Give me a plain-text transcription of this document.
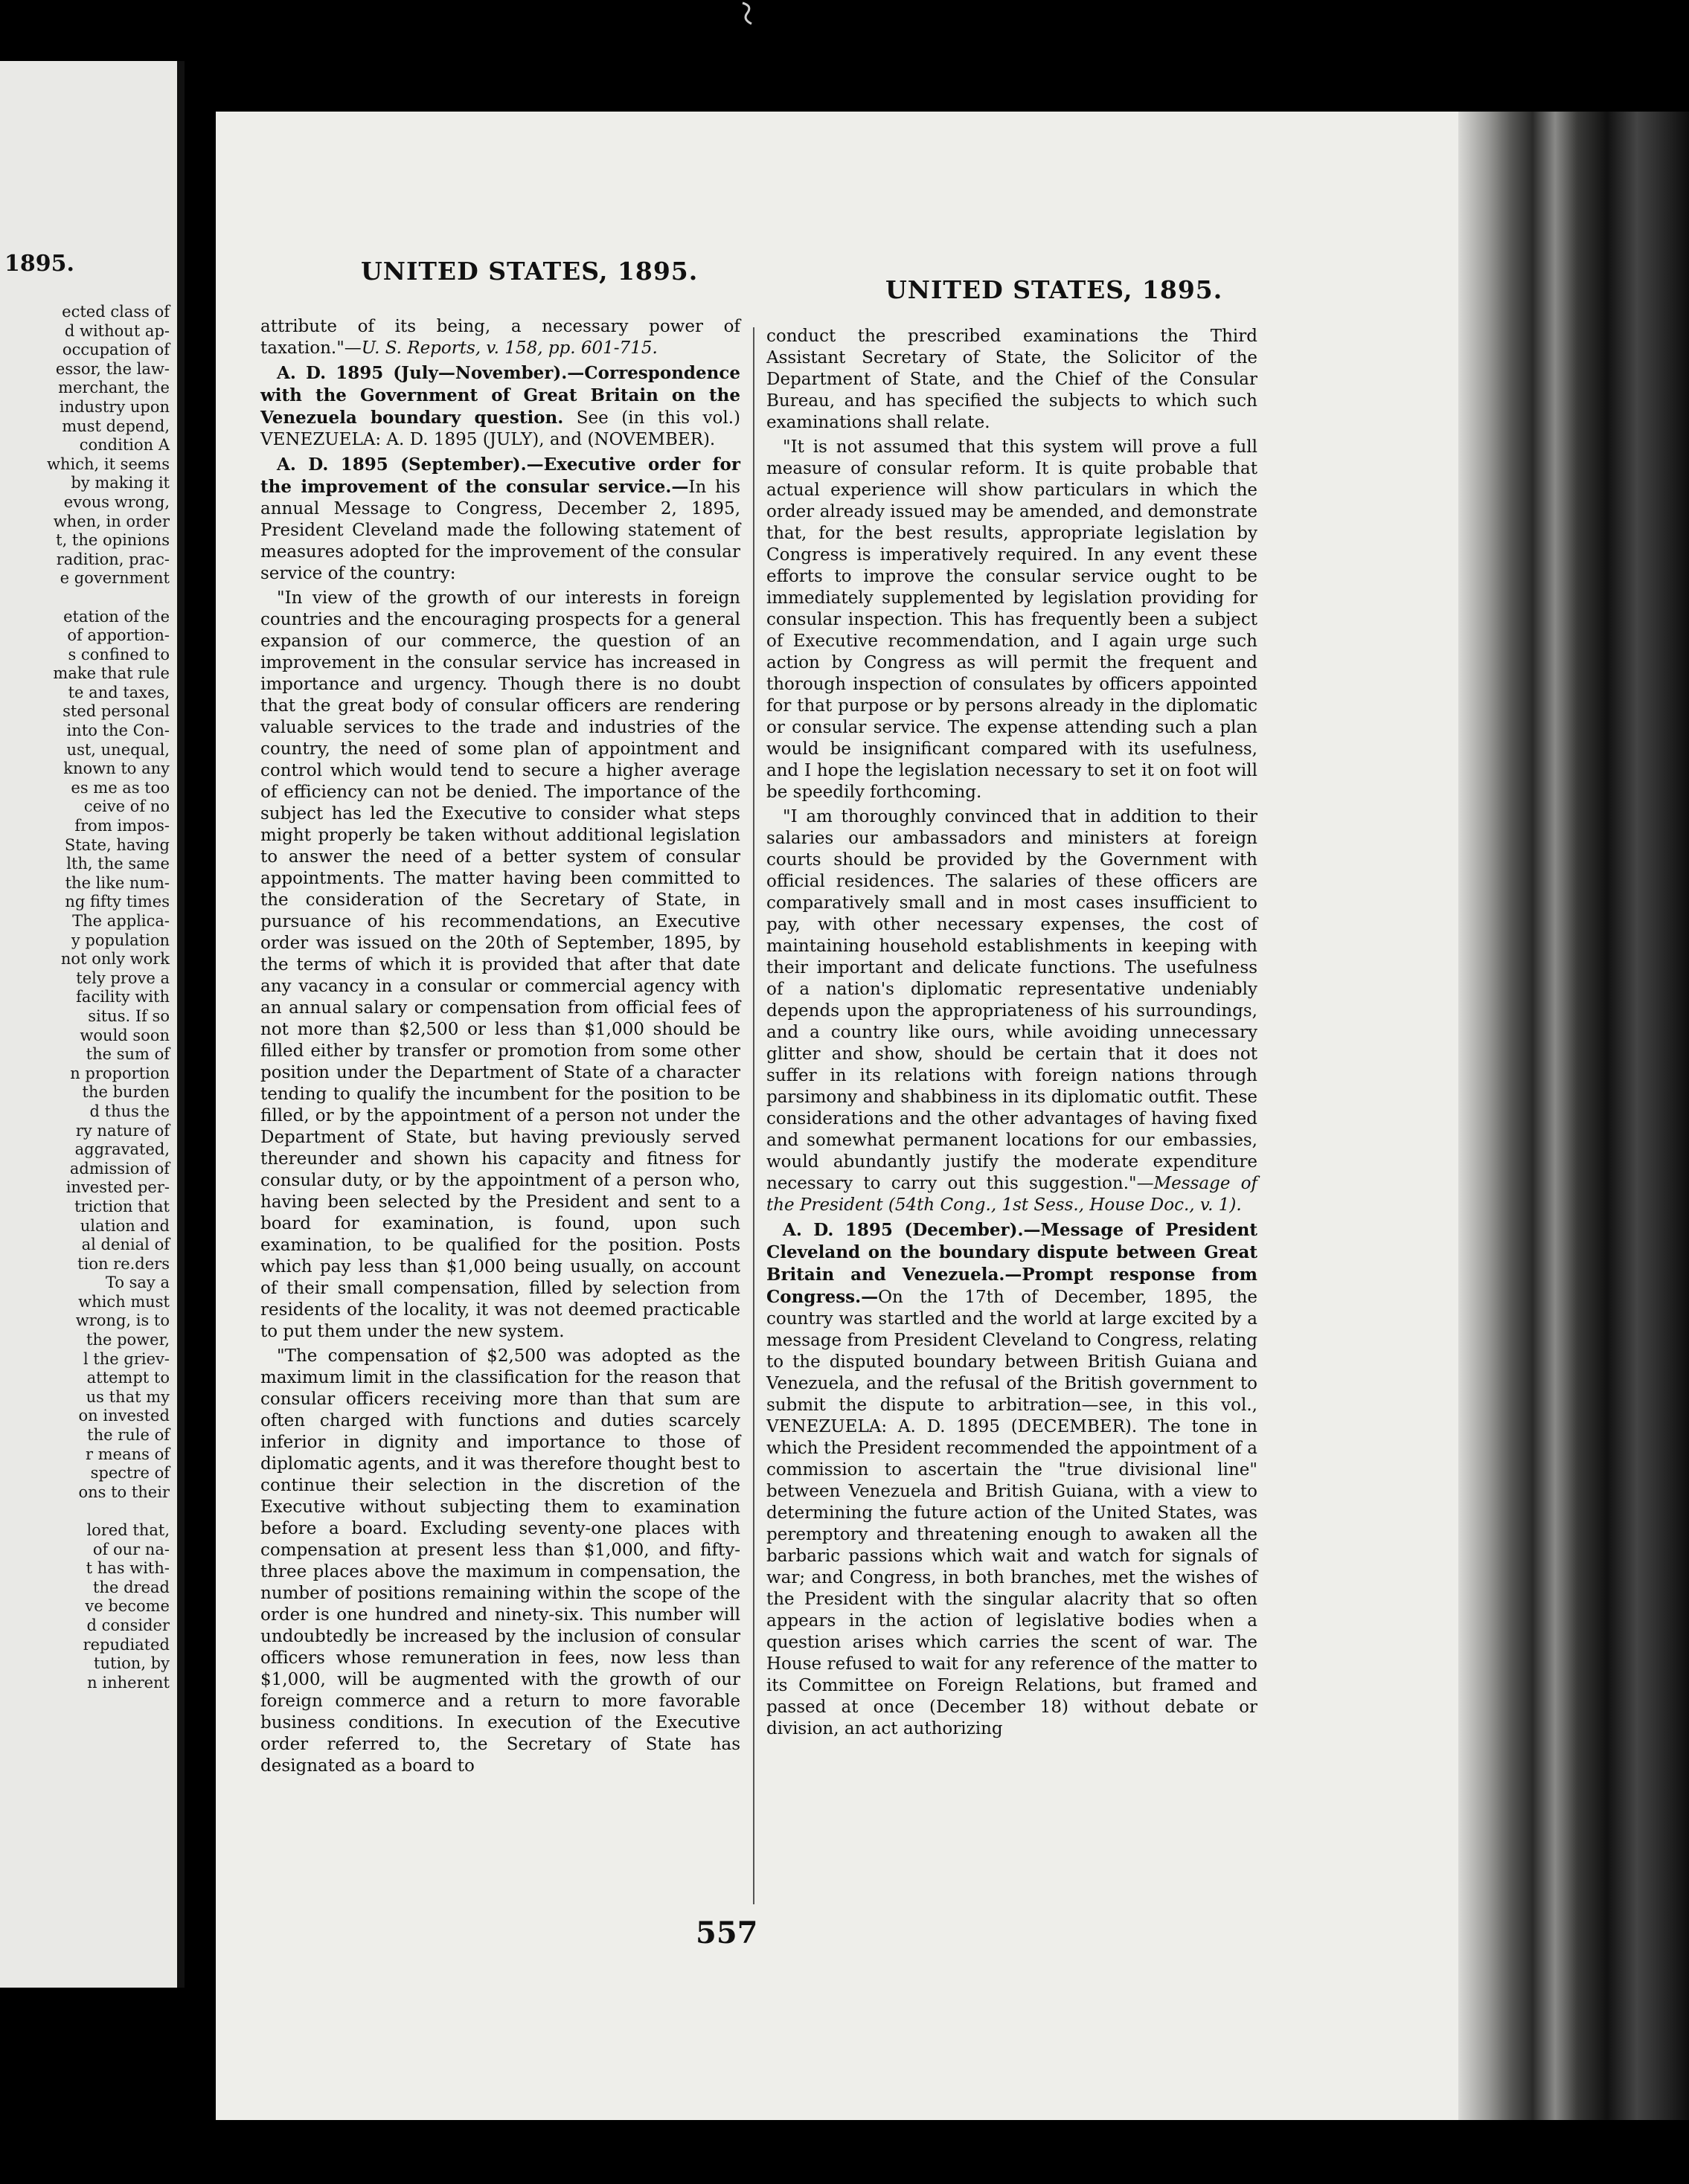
1895.
ected class of
d without ap-
occupation of
essor, the law-
merchant, the
industry upon
must depend,
condition A
which, it seems
by making it
evous wrong,
when, in order
t, the opinions
radition, prac-
e government
etation of the
of apportion-
s confined to
make that rule
te and taxes,
sted personal
into the Con-
ust, unequal,
known to any
es me as too
ceive of no
from impos-
State, having
lth, the same
the like num-
ng fifty times
The applica-
y population
not only work
tely prove a
facility with
situs. If so
would soon
the sum of
n proportion
the burden
d thus the
ry nature of
aggravated,
admission of
invested per-
triction that
ulation and
al denial of
tion re.ders
To say a
which must
wrong, is to
the power,
l the griev-
attempt to
us that my
on invested
the rule of
r means of
spectre of
ons to their
lored that,
of our na-
t has with-
the dread
ve become
d consider
repudiated
tution, by
n inherent
UNITED STATES, 1895.
UNITED STATES, 1895.

attribute of its being, a necessary power of taxation."—U. S. Reports, v. 158, pp. 601-715.

A. D. 1895 (July—November).—Correspondence with the Government of Great Britain on the Venezuela boundary question. See (in this vol.) VENEZUELA: A. D. 1895 (JULY), and (NOVEMBER).

A. D. 1895 (September).—Executive order for the improvement of the consular service.—In his annual Message to Congress, December 2, 1895, President Cleveland made the following statement of measures adopted for the improvement of the consular service of the country:

"In view of the growth of our interests in foreign countries and the encouraging prospects for a general expansion of our commerce, the question of an improvement in the consular service has increased in importance and urgency. Though there is no doubt that the great body of consular officers are rendering valuable services to the trade and industries of the country, the need of some plan of appointment and control which would tend to secure a higher average of efficiency can not be denied. The importance of the subject has led the Executive to consider what steps might properly be taken without additional legislation to answer the need of a better system of consular appointments. The matter having been committed to the consideration of the Secretary of State, in pursuance of his recommendations, an Executive order was issued on the 20th of September, 1895, by the terms of which it is provided that after that date any vacancy in a consular or commercial agency with an annual salary or compensation from official fees of not more than $2,500 or less than $1,000 should be filled either by transfer or promotion from some other position under the Department of State of a character tending to qualify the incumbent for the position to be filled, or by the appointment of a person not under the Department of State, but having previously served thereunder and shown his capacity and fitness for consular duty, or by the appointment of a person who, having been selected by the President and sent to a board for examination, is found, upon such examination, to be qualified for the position. Posts which pay less than $1,000 being usually, on account of their small compensation, filled by selection from residents of the locality, it was not deemed practicable to put them under the new system.

"The compensation of $2,500 was adopted as the maximum limit in the classification for the reason that consular officers receiving more than that sum are often charged with functions and duties scarcely inferior in dignity and importance to those of diplomatic agents, and it was therefore thought best to continue their selection in the discretion of the Executive without subjecting them to examination before a board. Excluding seventy-one places with compensation at present less than $1,000, and fifty-three places above the maximum in compensation, the number of positions remaining within the scope of the order is one hundred and ninety-six. This number will undoubtedly be increased by the inclusion of consular officers whose remuneration in fees, now less than $1,000, will be augmented with the growth of our foreign commerce and a return to more favorable business conditions. In execution of the Executive order referred to, the Secretary of State has designated as a board to

conduct the prescribed examinations the Third Assistant Secretary of State, the Solicitor of the Department of State, and the Chief of the Consular Bureau, and has specified the subjects to which such examinations shall relate.

"It is not assumed that this system will prove a full measure of consular reform. It is quite probable that actual experience will show particulars in which the order already issued may be amended, and demonstrate that, for the best results, appropriate legislation by Congress is imperatively required. In any event these efforts to improve the consular service ought to be immediately supplemented by legislation providing for consular inspection. This has frequently been a subject of Executive recommendation, and I again urge such action by Congress as will permit the frequent and thorough inspection of consulates by officers appointed for that purpose or by persons already in the diplomatic or consular service. The expense attending such a plan would be insignificant compared with its usefulness, and I hope the legislation necessary to set it on foot will be speedily forthcoming.

"I am thoroughly convinced that in addition to their salaries our ambassadors and ministers at foreign courts should be provided by the Government with official residences. The salaries of these officers are comparatively small and in most cases insufficient to pay, with other necessary expenses, the cost of maintaining household establishments in keeping with their important and delicate functions. The usefulness of a nation's diplomatic representative undeniably depends upon the appropriateness of his surroundings, and a country like ours, while avoiding unnecessary glitter and show, should be certain that it does not suffer in its relations with foreign nations through parsimony and shabbiness in its diplomatic outfit. These considerations and the other advantages of having fixed and somewhat permanent locations for our embassies, would abundantly justify the moderate expenditure necessary to carry out this suggestion."—Message of the President (54th Cong., 1st Sess., House Doc., v. 1).

A. D. 1895 (December).—Message of President Cleveland on the boundary dispute between Great Britain and Venezuela.—Prompt response from Congress.—On the 17th of December, 1895, the country was startled and the world at large excited by a message from President Cleveland to Congress, relating to the disputed boundary between British Guiana and Venezuela, and the refusal of the British government to submit the dispute to arbitration—see, in this vol., VENEZUELA: A. D. 1895 (DECEMBER). The tone in which the President recommended the appointment of a commission to ascertain the "true divisional line" between Venezuela and British Guiana, with a view to determining the future action of the United States, was peremptory and threatening enough to awaken all the barbaric passions which wait and watch for signals of war; and Congress, in both branches, met the wishes of the President with the singular alacrity that so often appears in the action of legislative bodies when a question arises which carries the scent of war. The House refused to wait for any reference of the matter to its Committee on Foreign Relations, but framed and passed at once (December 18) without debate or division, an act authorizing

557
